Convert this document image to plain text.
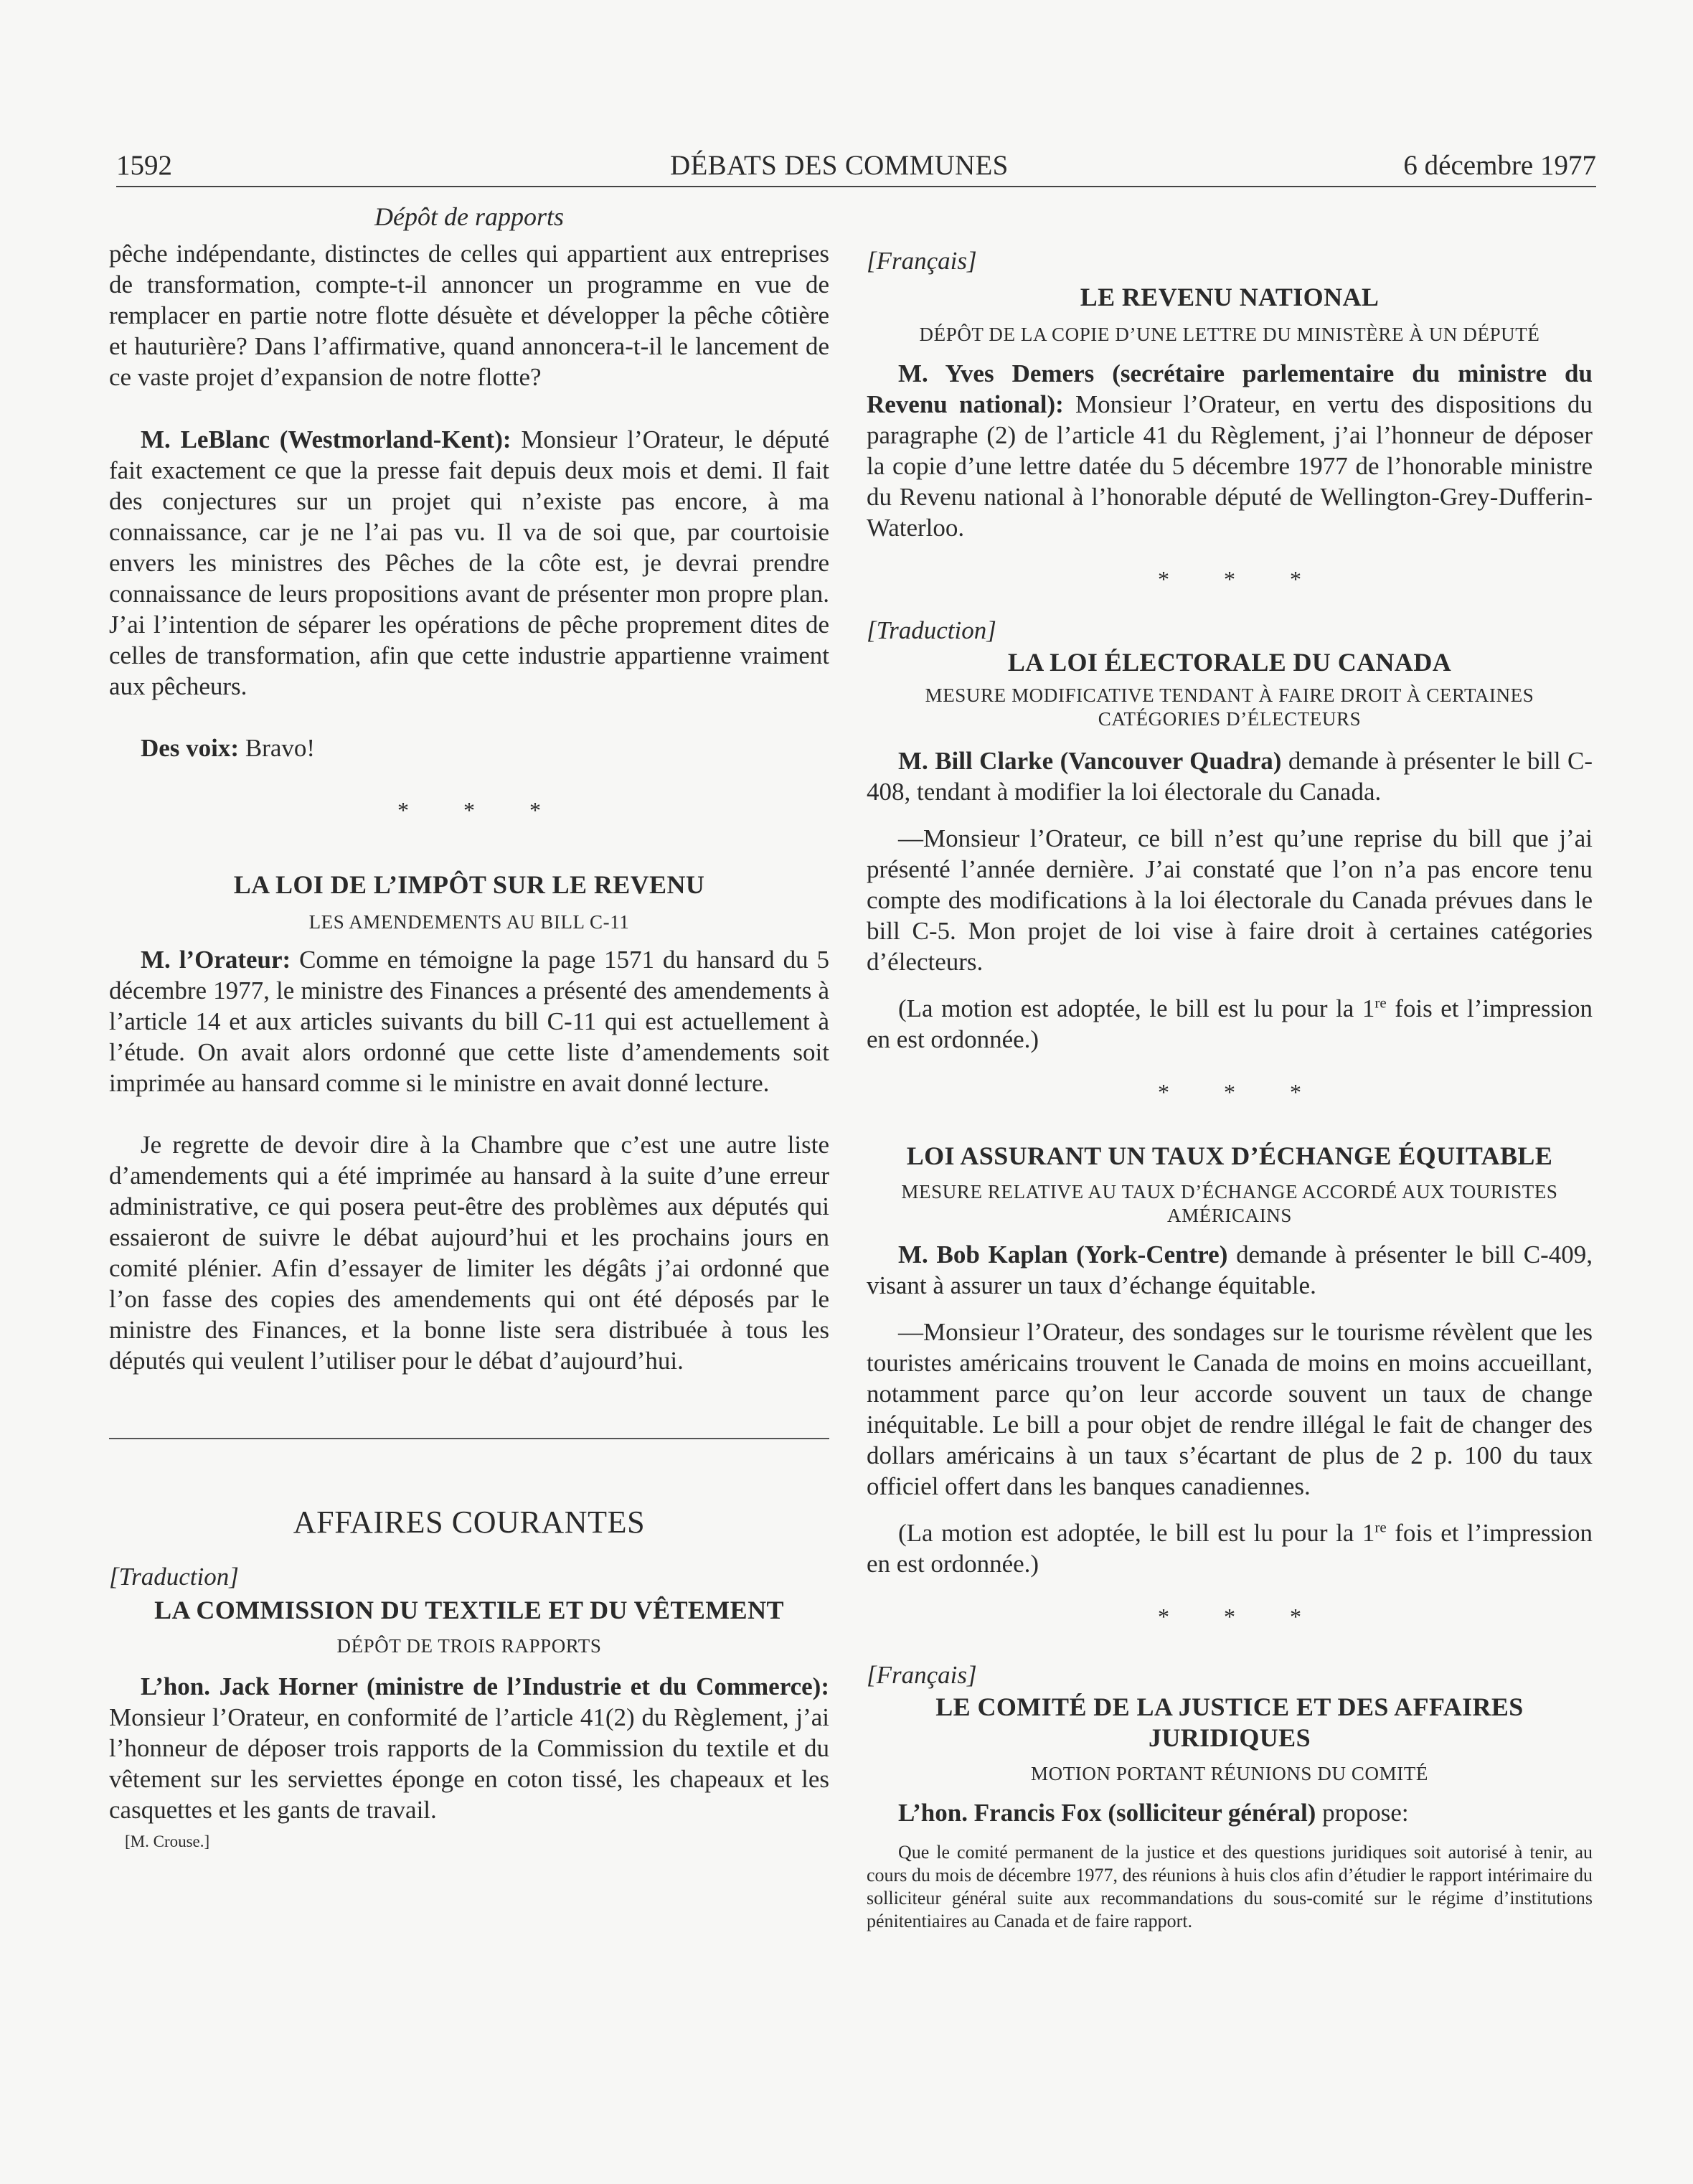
1592	DÉBATS DES COMMUNES	6 décembre 1977
Dépôt de rapports

pêche indépendante, distinctes de celles qui appartient aux entreprises de transformation, compte-t-il annoncer un programme en vue de remplacer en partie notre flotte désuète et développer la pêche côtière et hauturière? Dans l’affirmative, quand annoncera-t-il le lancement de ce vaste projet d’expansion de notre flotte?

M. LeBlanc (Westmorland-Kent): Monsieur l’Orateur, le député fait exactement ce que la presse fait depuis deux mois et demi. Il fait des conjectures sur un projet qui n’existe pas encore, à ma connaissance, car je ne l’ai pas vu. Il va de soi que, par courtoisie envers les ministres des Pêches de la côte est, je devrai prendre connaissance de leurs propositions avant de présenter mon propre plan. J’ai l’intention de séparer les opérations de pêche proprement dites de celles de transformation, afin que cette industrie appartienne vraiment aux pêcheurs.

Des voix: Bravo!

* * *
LA LOI DE L’IMPÔT SUR LE REVENU
LES AMENDEMENTS AU BILL C-11

M. l’Orateur: Comme en témoigne la page 1571 du hansard du 5 décembre 1977, le ministre des Finances a présenté des amendements à l’article 14 et aux articles suivants du bill C-11 qui est actuellement à l’étude. On avait alors ordonné que cette liste d’amendements soit imprimée au hansard comme si le ministre en avait donné lecture.

Je regrette de devoir dire à la Chambre que c’est une autre liste d’amendements qui a été imprimée au hansard à la suite d’une erreur administrative, ce qui posera peut-être des problèmes aux députés qui essaieront de suivre le débat aujourd’hui et les prochains jours en comité plénier. Afin d’essayer de limiter les dégâts j’ai ordonné que l’on fasse des copies des amendements qui ont été déposés par le ministre des Finances, et la bonne liste sera distribuée à tous les députés qui veulent l’utiliser pour le débat d’aujourd’hui.

AFFAIRES COURANTES
[Traduction]
LA COMMISSION DU TEXTILE ET DU VÊTEMENT
DÉPÔT DE TROIS RAPPORTS

L’hon. Jack Horner (ministre de l’Industrie et du Commerce): Monsieur l’Orateur, en conformité de l’article 41(2) du Règlement, j’ai l’honneur de déposer trois rapports de la Commission du textile et du vêtement sur les serviettes éponge en coton tissé, les chapeaux et les casquettes et les gants de travail.

[M. Crouse.]
[Français]
LE REVENU NATIONAL
DÉPÔT DE LA COPIE D’UNE LETTRE DU MINISTÈRE À UN DÉPUTÉ

M. Yves Demers (secrétaire parlementaire du ministre du Revenu national): Monsieur l’Orateur, en vertu des dispositions du paragraphe (2) de l’article 41 du Règlement, j’ai l’honneur de déposer la copie d’une lettre datée du 5 décembre 1977 de l’honorable ministre du Revenu national à l’honorable député de Wellington-Grey-Dufferin-Waterloo.

* * *
[Traduction]
LA LOI ÉLECTORALE DU CANADA
MESURE MODIFICATIVE TENDANT À FAIRE DROIT À CERTAINES CATÉGORIES D’ÉLECTEURS

M. Bill Clarke (Vancouver Quadra) demande à présenter le bill C-408, tendant à modifier la loi électorale du Canada.

—Monsieur l’Orateur, ce bill n’est qu’une reprise du bill que j’ai présenté l’année dernière. J’ai constaté que l’on n’a pas encore tenu compte des modifications à la loi électorale du Canada prévues dans le bill C-5. Mon projet de loi vise à faire droit à certaines catégories d’électeurs.

(La motion est adoptée, le bill est lu pour la 1re fois et l’impression en est ordonnée.)

* * *
LOI ASSURANT UN TAUX D’ÉCHANGE ÉQUITABLE
MESURE RELATIVE AU TAUX D’ÉCHANGE ACCORDÉ AUX TOURISTES AMÉRICAINS

M. Bob Kaplan (York-Centre) demande à présenter le bill C-409, visant à assurer un taux d’échange équitable.

—Monsieur l’Orateur, des sondages sur le tourisme révèlent que les touristes américains trouvent le Canada de moins en moins accueillant, notamment parce qu’on leur accorde souvent un taux de change inéquitable. Le bill a pour objet de rendre illégal le fait de changer des dollars américains à un taux s’écartant de plus de 2 p. 100 du taux officiel offert dans les banques canadiennes.

(La motion est adoptée, le bill est lu pour la 1re fois et l’impression en est ordonnée.)

* * *
[Français]
LE COMITÉ DE LA JUSTICE ET DES AFFAIRES JURIDIQUES
MOTION PORTANT RÉUNIONS DU COMITÉ

L’hon. Francis Fox (solliciteur général) propose:

Que le comité permanent de la justice et des questions juridiques soit autorisé à tenir, au cours du mois de décembre 1977, des réunions à huis clos afin d’étudier le rapport intérimaire du solliciteur général suite aux recommandations du sous-comité sur le régime d’institutions pénitentiaires au Canada et de faire rapport.
